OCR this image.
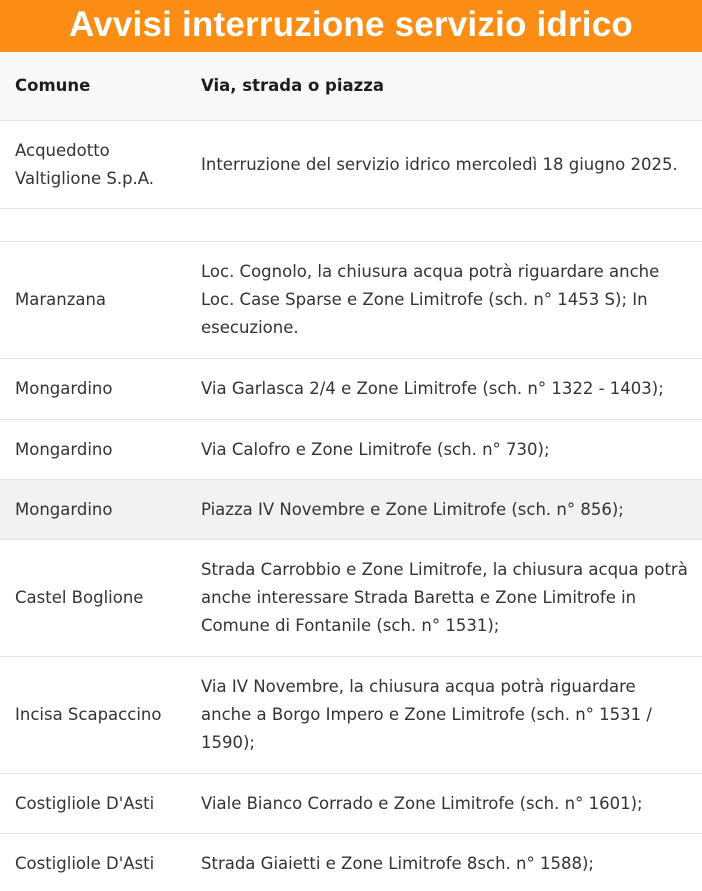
Avvisi interruzione servizio idrico
Comune	Via, strada o piazza
Acquedotto Valtiglione S.p.A.	Interruzione del servizio idrico mercoledì 18 giugno 2025.

Maranzana	Loc. Cognolo, la chiusura acqua potrà riguardare anche Loc. Case Sparse e Zone Limitrofe (sch. n° 1453 S); In esecuzione.
Mongardino	Via Garlasca 2/4 e Zone Limitrofe (sch. n° 1322 - 1403);
Mongardino	Via Calofro e Zone Limitrofe (sch. n° 730);
Mongardino	Piazza IV Novembre e Zone Limitrofe (sch. n° 856);
Castel Boglione	Strada Carrobbio e Zone Limitrofe, la chiusura acqua potrà anche interessare Strada Baretta e Zone Limitrofe in Comune di Fontanile (sch. n° 1531);
Incisa Scapaccino	Via IV Novembre, la chiusura acqua potrà riguardare anche a Borgo Impero e Zone Limitrofe (sch. n° 1531 / 1590);
Costigliole D'Asti	Viale Bianco Corrado e Zone Limitrofe (sch. n° 1601);
Costigliole D'Asti	Strada Giaietti e Zone Limitrofe 8sch. n° 1588);
